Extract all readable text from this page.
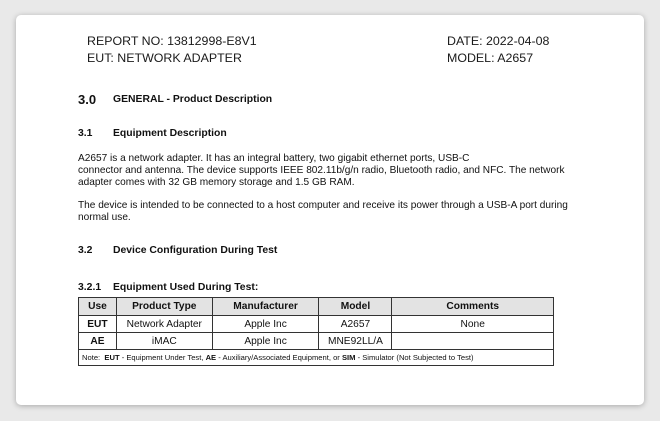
REPORT NO: 13812998-E8V1	DATE: 2022-04-08
EUT: NETWORK ADAPTER	MODEL: A2657
3.0 GENERAL - Product Description
3.1 Equipment Description
A2657 is a network adapter. It has an integral battery, two gigabit ethernet ports, USB-C
connector and antenna. The device supports IEEE 802.11b/g/n radio, Bluetooth radio, and NFC. The network
adapter comes with 32 GB memory storage and 1.5 GB RAM.
The device is intended to be connected to a host computer and receive its power through a USB-A port during
normal use.
3.2 Device Configuration During Test
3.2.1 Equipment Used During Test:
Use	Product Type	Manufacturer	Model	Comments
EUT	Network Adapter	Apple Inc	A2657	None
AE	iMAC	Apple Inc	MNE92LL/A	
Note: EUT - Equipment Under Test, AE - Auxiliary/Associated Equipment, or SIM - Simulator (Not Subjected to Test)				
